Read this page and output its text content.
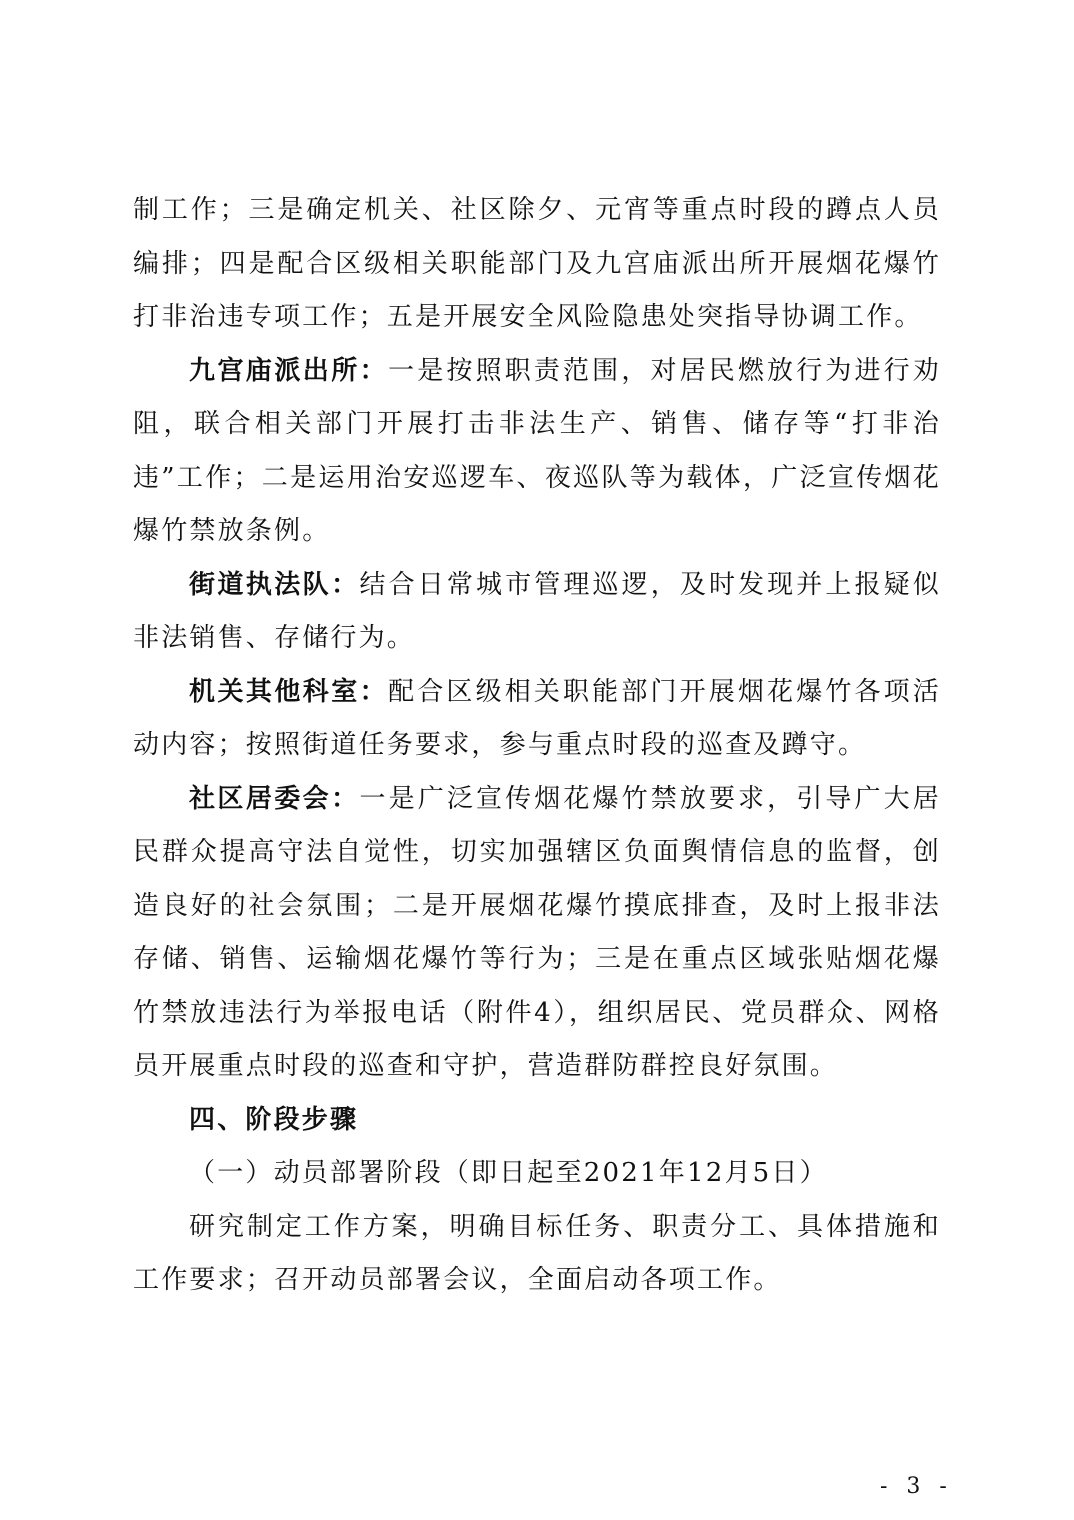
制工作；三是确定机关、社区除夕、元宵等重点时段的蹲点人员编排；四是配合区级相关职能部门及九宫庙派出所开展烟花爆竹打非治违专项工作；五是开展安全风险隐患处突指导协调工作。

九宫庙派出所：一是按照职责范围，对居民燃放行为进行劝阻，联合相关部门开展打击非法生产、销售、储存等“打非治违”工作；二是运用治安巡逻车、夜巡队等为载体，广泛宣传烟花爆竹禁放条例。

街道执法队：结合日常城市管理巡逻，及时发现并上报疑似非法销售、存储行为。

机关其他科室：配合区级相关职能部门开展烟花爆竹各项活动内容；按照街道任务要求，参与重点时段的巡查及蹲守。

社区居委会：一是广泛宣传烟花爆竹禁放要求，引导广大居民群众提高守法自觉性，切实加强辖区负面舆情信息的监督，创造良好的社会氛围；二是开展烟花爆竹摸底排查，及时上报非法存储、销售、运输烟花爆竹等行为；三是在重点区域张贴烟花爆竹禁放违法行为举报电话（附件4），组织居民、党员群众、网格员开展重点时段的巡查和守护，营造群防群控良好氛围。

四、阶段步骤

（一）动员部署阶段（即日起至2021年12月5日）

研究制定工作方案，明确目标任务、职责分工、具体措施和工作要求；召开动员部署会议，全面启动各项工作。

- 3 -
